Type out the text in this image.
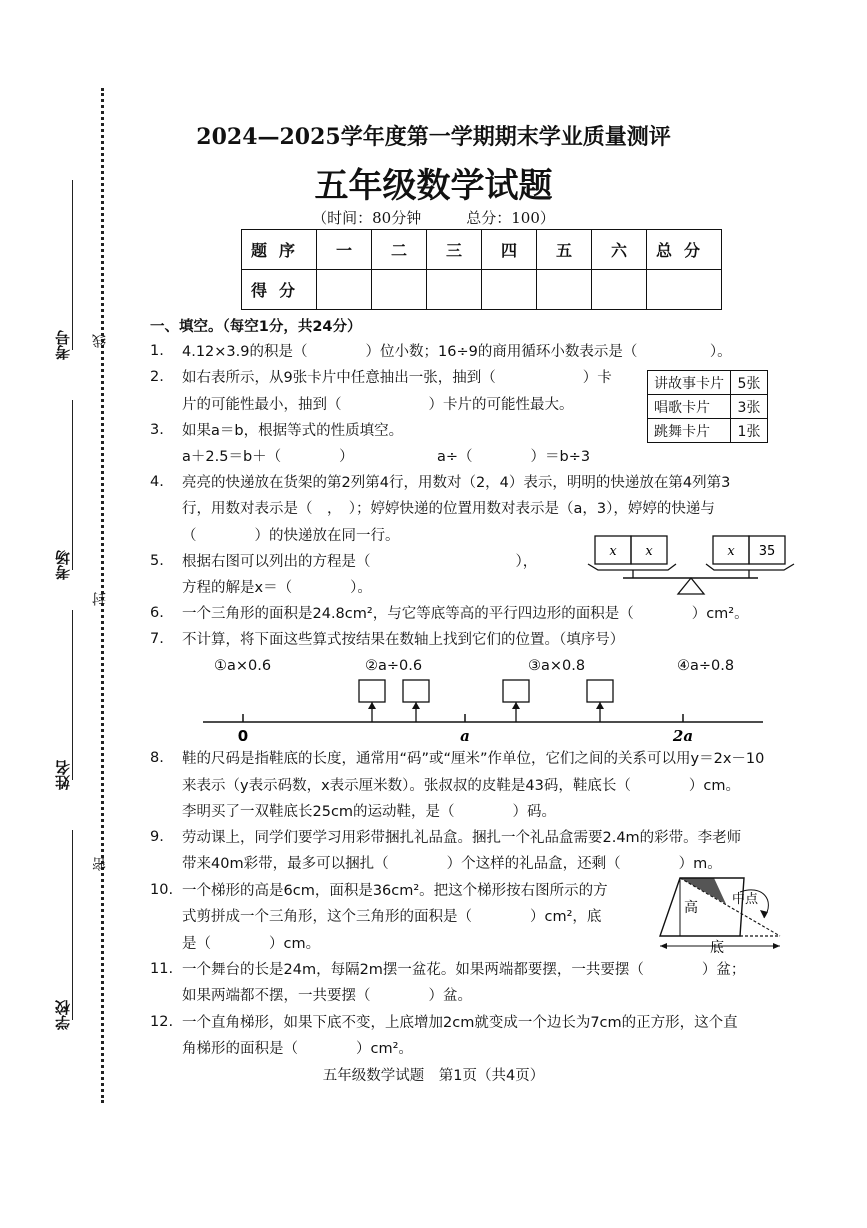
考号
考场
姓名
学校
线
封
密
2024—2025学年度第一学期期末学业质量测评
五年级数学试题
（时间：80分钟　　　总分：100）
题序	一	二	三	四	五	六	总分
得分							
一、填空。（每空1分，共24分）
1. 4.12×3.9的积是（　　　　）位小数；16÷9的商用循环小数表示是（　　　　　）。
2. 如右表所示，从9张卡片中任意抽出一张，抽到（　　　　　　）卡
片的可能性最小，抽到（　　　　　　）卡片的可能性最大。
讲故事卡片	5张
唱歌卡片	3张
跳舞卡片	1张
3. 如果a＝b，根据等式的性质填空。
a＋2.5＝b＋（　　　　）	a÷（　　　　）＝b÷3
4. 亮亮的快递放在货架的第2列第4行，用数对（2，4）表示，明明的快递放在第4列第3
行，用数对表示是（　，　）；婷婷快递的位置用数对表示是（a，3），婷婷的快递与
（　　　　）的快递放在同一行。
5. 根据右图可以列出的方程是（　　　　　　　　　　），
方程的解是x＝（　　　　）。
x x	x 35
6. 一个三角形的面积是24.8cm²，与它等底等高的平行四边形的面积是（　　　　）cm²。
7. 不计算，将下面这些算式按结果在数轴上找到它们的位置。（填序号）
①a×0.6	②a÷0.6	③a×0.8	④a÷0.8
0	a	2a
8. 鞋的尺码是指鞋底的长度，通常用“码”或“厘米”作单位，它们之间的关系可以用y＝2x－10
来表示（y表示码数，x表示厘米数）。张叔叔的皮鞋是43码，鞋底长（　　　　）cm。
李明买了一双鞋底长25cm的运动鞋，是（　　　　）码。
9. 劳动课上，同学们要学习用彩带捆扎礼品盒。捆扎一个礼品盒需要2.4m的彩带。李老师
带来40m彩带，最多可以捆扎（　　　　）个这样的礼品盒，还剩（　　　　）m。
10. 一个梯形的高是6cm，面积是36cm²。把这个梯形按右图所示的方
式剪拼成一个三角形，这个三角形的面积是（　　　　）cm²，底
是（　　　　）cm。
高
底
中点
11. 一个舞台的长是24m，每隔2m摆一盆花。如果两端都要摆，一共要摆（　　　　）盆；
如果两端都不摆，一共要摆（　　　　）盆。
12. 一个直角梯形，如果下底不变，上底增加2cm就变成一个边长为7cm的正方形，这个直
角梯形的面积是（　　　　）cm²。
五年级数学试题　第1页（共4页）
